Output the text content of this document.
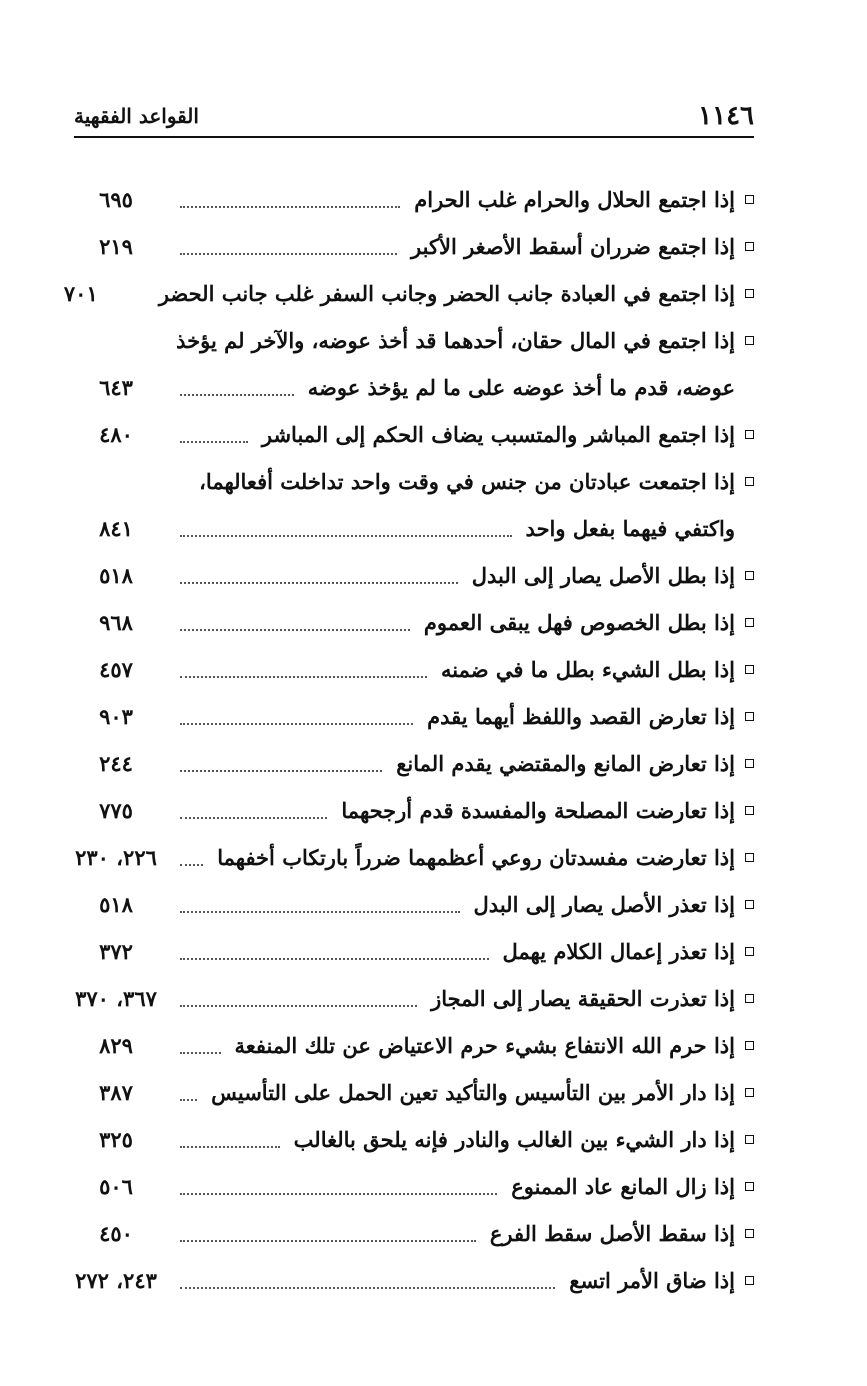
١١٤٦
القواعد الفقهية
إذا اجتمع الحلال والحرام غلب الحرام
٦٩٥
إذا اجتمع ضرران أسقط الأصغر الأكبر
٢١٩
إذا اجتمع في العبادة جانب الحضر وجانب السفر غلب جانب الحضر
٧٠١
إذا اجتمع في المال حقان، أحدهما قد أخذ عوضه، والآخر لم يؤخذ
عوضه، قدم ما أخذ عوضه على ما لم يؤخذ عوضه
٦٤٣
إذا اجتمع المباشر والمتسبب يضاف الحكم إلى المباشر
٤٨٠
إذا اجتمعت عبادتان من جنس في وقت واحد تداخلت أفعالهما،
واكتفي فيهما بفعل واحد
٨٤١
إذا بطل الأصل يصار إلى البدل
٥١٨
إذا بطل الخصوص فهل يبقى العموم
٩٦٨
إذا بطل الشيء بطل ما في ضمنه
٤٥٧
إذا تعارض القصد واللفظ أيهما يقدم
٩٠٣
إذا تعارض المانع والمقتضي يقدم المانع
٢٤٤
إذا تعارضت المصلحة والمفسدة قدم أرجحهما
٧٧٥
إذا تعارضت مفسدتان روعي أعظمهما ضرراً بارتكاب أخفهما
٢٢٦، ٢٣٠
إذا تعذر الأصل يصار إلى البدل
٥١٨
إذا تعذر إعمال الكلام يهمل
٣٧٢
إذا تعذرت الحقيقة يصار إلى المجاز
٣٦٧، ٣٧٠
إذا حرم الله الانتفاع بشيء حرم الاعتياض عن تلك المنفعة
٨٢٩
إذا دار الأمر بين التأسيس والتأكيد تعين الحمل على التأسيس
٣٨٧
إذا دار الشيء بين الغالب والنادر فإنه يلحق بالغالب
٣٢٥
إذا زال المانع عاد الممنوع
٥٠٦
إذا سقط الأصل سقط الفرع
٤٥٠
إذا ضاق الأمر اتسع
٢٤٣، ٢٧٢
